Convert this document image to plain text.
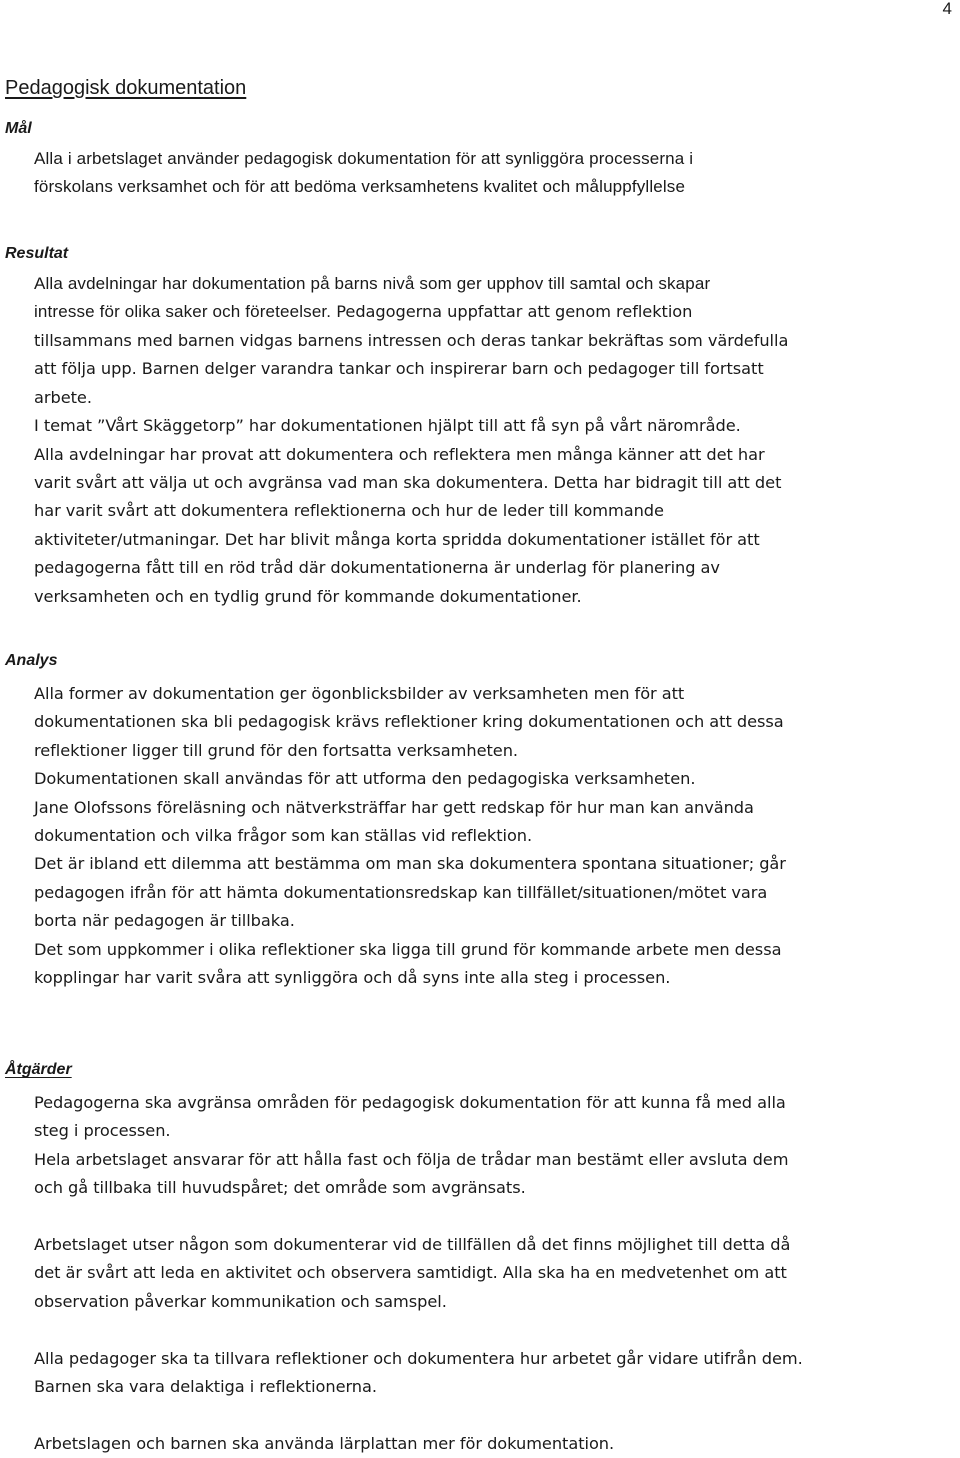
4
Pedagogisk dokumentation
Mål
Alla i arbetslaget använder pedagogisk dokumentation för att synliggöra processerna i
förskolans verksamhet och för att bedöma verksamhetens kvalitet och måluppfyllelse
Resultat
Alla avdelningar har dokumentation på barns nivå som ger upphov till samtal och skapar
intresse för olika saker och företeelser. Pedagogerna uppfattar att genom reflektion
tillsammans med barnen vidgas barnens intressen och deras tankar bekräftas som värdefulla
att följa upp. Barnen delger varandra tankar och inspirerar barn och pedagoger till fortsatt
arbete.
I temat ”Vårt Skäggetorp” har dokumentationen hjälpt till att få syn på vårt närområde.
Alla avdelningar har provat att dokumentera och reflektera men många känner att det har
varit svårt att välja ut och avgränsa vad man ska dokumentera. Detta har bidragit till att det
har varit svårt att dokumentera reflektionerna och hur de leder till kommande
aktiviteter/utmaningar. Det har blivit många korta spridda dokumentationer istället för att
pedagogerna fått till en röd tråd där dokumentationerna är underlag för planering av
verksamheten och en tydlig grund för kommande dokumentationer.
Analys
Alla former av dokumentation ger ögonblicksbilder av verksamheten men för att
dokumentationen ska bli pedagogisk krävs reflektioner kring dokumentationen och att dessa
reflektioner ligger till grund för den fortsatta verksamheten.
Dokumentationen skall användas för att utforma den pedagogiska verksamheten.
Jane Olofssons föreläsning och nätverksträffar har gett redskap för hur man kan använda
dokumentation och vilka frågor som kan ställas vid reflektion.
Det är ibland ett dilemma att bestämma om man ska dokumentera spontana situationer; går
pedagogen ifrån för att hämta dokumentationsredskap kan tillfället/situationen/mötet vara
borta när pedagogen är tillbaka.
Det som uppkommer i olika reflektioner ska ligga till grund för kommande arbete men dessa
kopplingar har varit svåra att synliggöra och då syns inte alla steg i processen.
Åtgärder
Pedagogerna ska avgränsa områden för pedagogisk dokumentation för att kunna få med alla
steg i processen.
Hela arbetslaget ansvarar för att hålla fast och följa de trådar man bestämt eller avsluta dem
och gå tillbaka till huvudspåret; det område som avgränsats.
Arbetslaget utser någon som dokumenterar vid de tillfällen då det finns möjlighet till detta då
det är svårt att leda en aktivitet och observera samtidigt. Alla ska ha en medvetenhet om att
observation påverkar kommunikation och samspel.
Alla pedagoger ska ta tillvara reflektioner och dokumentera hur arbetet går vidare utifrån dem.
Barnen ska vara delaktiga i reflektionerna.
Arbetslagen och barnen ska använda lärplattan mer för dokumentation.
